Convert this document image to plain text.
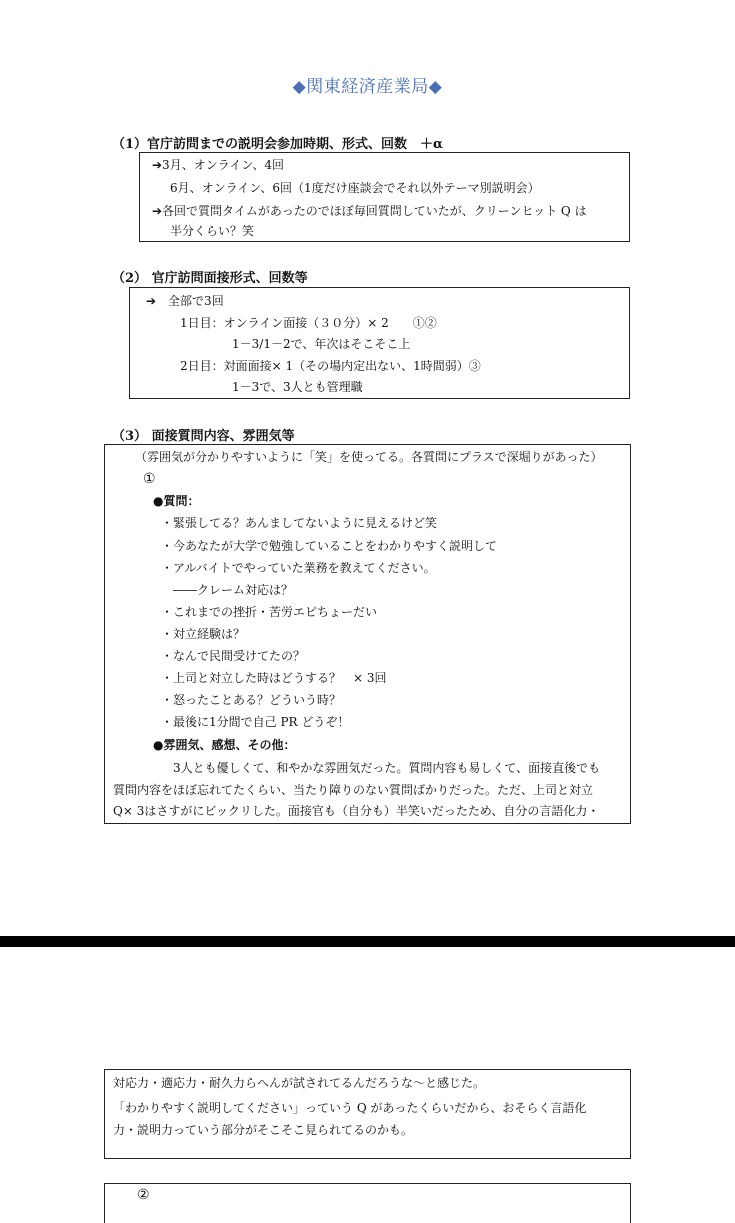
◆関東経済産業局◆
（1）官庁訪問までの説明会参加時期、形式、回数　＋α
➔3月、オンライン、4回
6月、オンライン、6回（1度だけ座談会でそれ以外テーマ別説明会）
➔各回で質問タイムがあったのでほぼ毎回質問していたが、クリーンヒット Q は
半分くらい？笑
（2） 官庁訪問面接形式、回数等
➔　全部で3回
1日目：オンライン面接（３０分）× 2　　①②
1－3/1－2で、年次はそこそこ上
2日目：対面面接× 1（その場内定出ない、1時間弱）③
1－3で、3人とも管理職
（3） 面接質問内容、雰囲気等
（雰囲気が分かりやすいように「笑」を使ってる。各質問にプラスで深堀りがあった）
①
●質問：
・緊張してる？あんましてないように見えるけど笑
・今あなたが大学で勉強していることをわかりやすく説明して
・アルバイトでやっていた業務を教えてください。
――クレーム対応は？
・これまでの挫折・苦労エピちょーだい
・対立経験は？
・なんで民間受けてたの？
・上司と対立した時はどうする？　× 3回
・怒ったことある？どういう時？
・最後に1分間で自己 PR どうぞ！
●雰囲気、感想、その他：
3人とも優しくて、和やかな雰囲気だった。質問内容も易しくて、面接直後でも
質問内容をほぼ忘れてたくらい、当たり障りのない質問ばかりだった。ただ、上司と対立
Q× 3はさすがにビックリした。面接官も（自分も）半笑いだったため、自分の言語化力・
対応力・適応力・耐久力らへんが試されてるんだろうな～と感じた。
「わかりやすく説明してください」っていう Q があったくらいだから、おそらく言語化
力・説明力っていう部分がそこそこ見られてるのかも。
②
